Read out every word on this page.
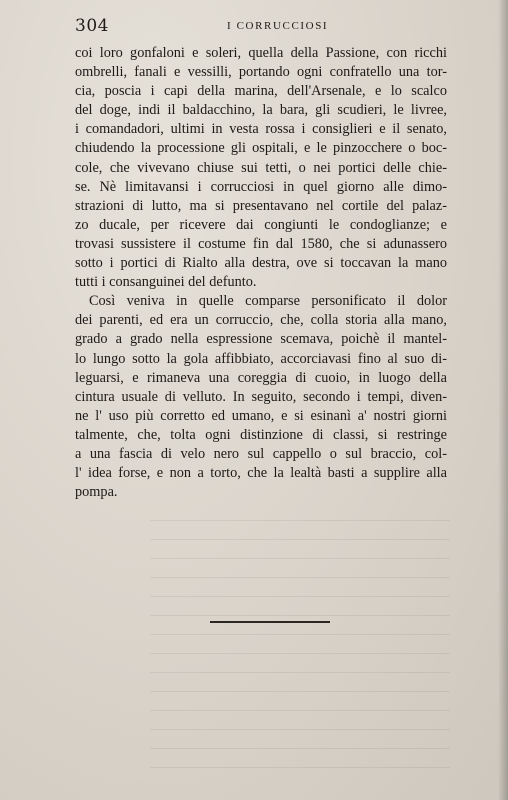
304	I CORRUCCIOSI
coi loro gonfaloni e soleri, quella della Passione, con ricchi
ombrelli, fanali e vessilli, portando ogni confratello una tor-
cia, poscia i capi della marina, dell'Arsenale, e lo scalco
del doge, indi il baldacchino, la bara, gli scudieri, le livree,
i comandadori, ultimi in vesta rossa i consiglieri e il senato,
chiudendo la processione gli ospitali, e le pinzocchere o boc-
cole, che vivevano chiuse sui tetti, o nei portici delle chie-
se. Nè limitavansi i corrucciosi in quel giorno alle dimo-
strazioni di lutto, ma si presentavano nel cortile del palaz-
zo ducale, per ricevere dai congiunti le condoglianze; e
trovasi sussistere il costume fin dal 1580, che si adunassero
sotto i portici di Rialto alla destra, ove si toccavan la mano
tutti i consanguinei del defunto.
Così veniva in quelle comparse personificato il dolor
dei parenti, ed era un corruccio, che, colla storia alla mano,
grado a grado nella espressione scemava, poichè il mantel-
lo lungo sotto la gola affibbiato, accorciavasi fino al suo di-
leguarsi, e rimaneva una coreggia di cuoio, in luogo della
cintura usuale di velluto. In seguito, secondo i tempi, diven-
ne l' uso più corretto ed umano, e si esinanì a' nostri giorni
talmente, che, tolta ogni distinzione di classi, si restringe
a una fascia di velo nero sul cappello o sul braccio, col-
l' idea forse, e non a torto, che la lealtà basti a supplire alla
pompa.
